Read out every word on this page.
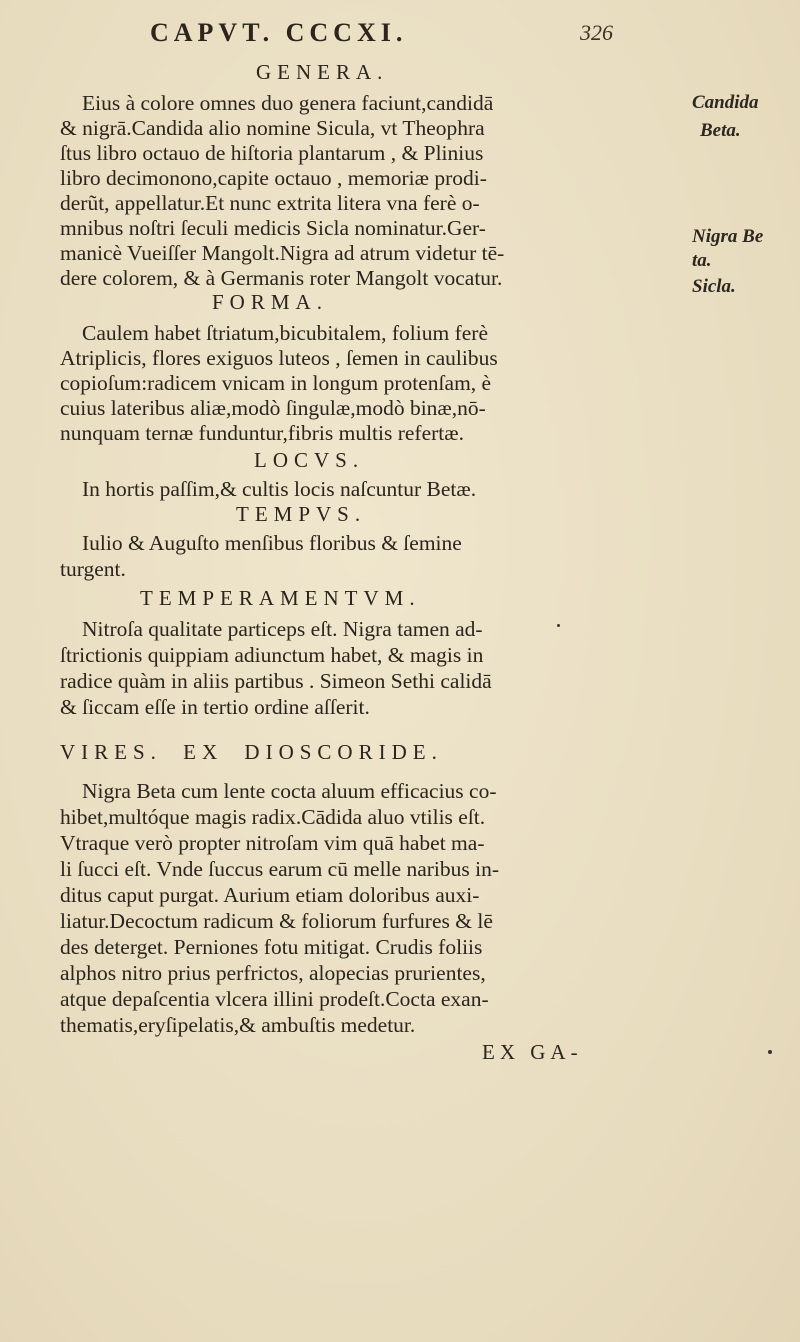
CAPVT. CCCXI.	326
GENERA.
Eius à colore omnes duo genera faciunt,candidā
& nigrā.Candida alio nomine Sicula, vt Theophra
ſtus libro octauo de hiſtoria plantarum , & Plinius
libro decimonono,capite octauo , memoriæ prodi-
derũt, appellatur.Et nunc extrita litera vna ferè o-
mnibus noſtri ſeculi medicis Sicla nominatur.Ger-
manicè Vueiſſer Mangolt.Nigra ad atrum videtur tē-
dere colorem, & à Germanis roter Mangolt vocatur.
FORMA.
Caulem habet ſtriatum,bicubitalem, folium ferè
Atriplicis, flores exiguos luteos , ſemen in caulibus
copioſum:radicem vnicam in longum protenſam, è
cuius lateribus aliæ,modò ſingulæ,modò binæ,nō-
nunquam ternæ funduntur,fibris multis refertæ.
LOCVS.
In hortis paſſim,& cultis locis naſcuntur Betæ.
TEMPVS.
Iulio & Auguſto menſibus floribus & ſemine
turgent.
TEMPERAMENTVM.
Nitroſa qualitate particeps eſt. Nigra tamen ad-
ſtrictionis quippiam adiunctum habet, & magis in
radice quàm in aliis partibus . Simeon Sethi calidā
& ſiccam eſſe in tertio ordine aſſerit.
VIRES. EX DIOSCORIDE.
Nigra Beta cum lente cocta aluum efficacius co-
hibet,multóque magis radix.Cādida aluo vtilis eſt.
Vtraque verò propter nitroſam vim quā habet ma-
li ſucci eſt. Vnde ſuccus earum cū melle naribus in-
ditus caput purgat. Aurium etiam doloribus auxi-
liatur.Decoctum radicum & foliorum furfures & lē
des deterget. Perniones fotu mitigat. Crudis foliis
alphos nitro prius perfrictos, alopecias prurientes,
atque depaſcentia vlcera illini prodeſt.Cocta exan-
thematis,eryſipelatis,& ambuſtis medetur.
EX GA-
Candida
Beta.
Nigra Be
ta.
Sicla.
